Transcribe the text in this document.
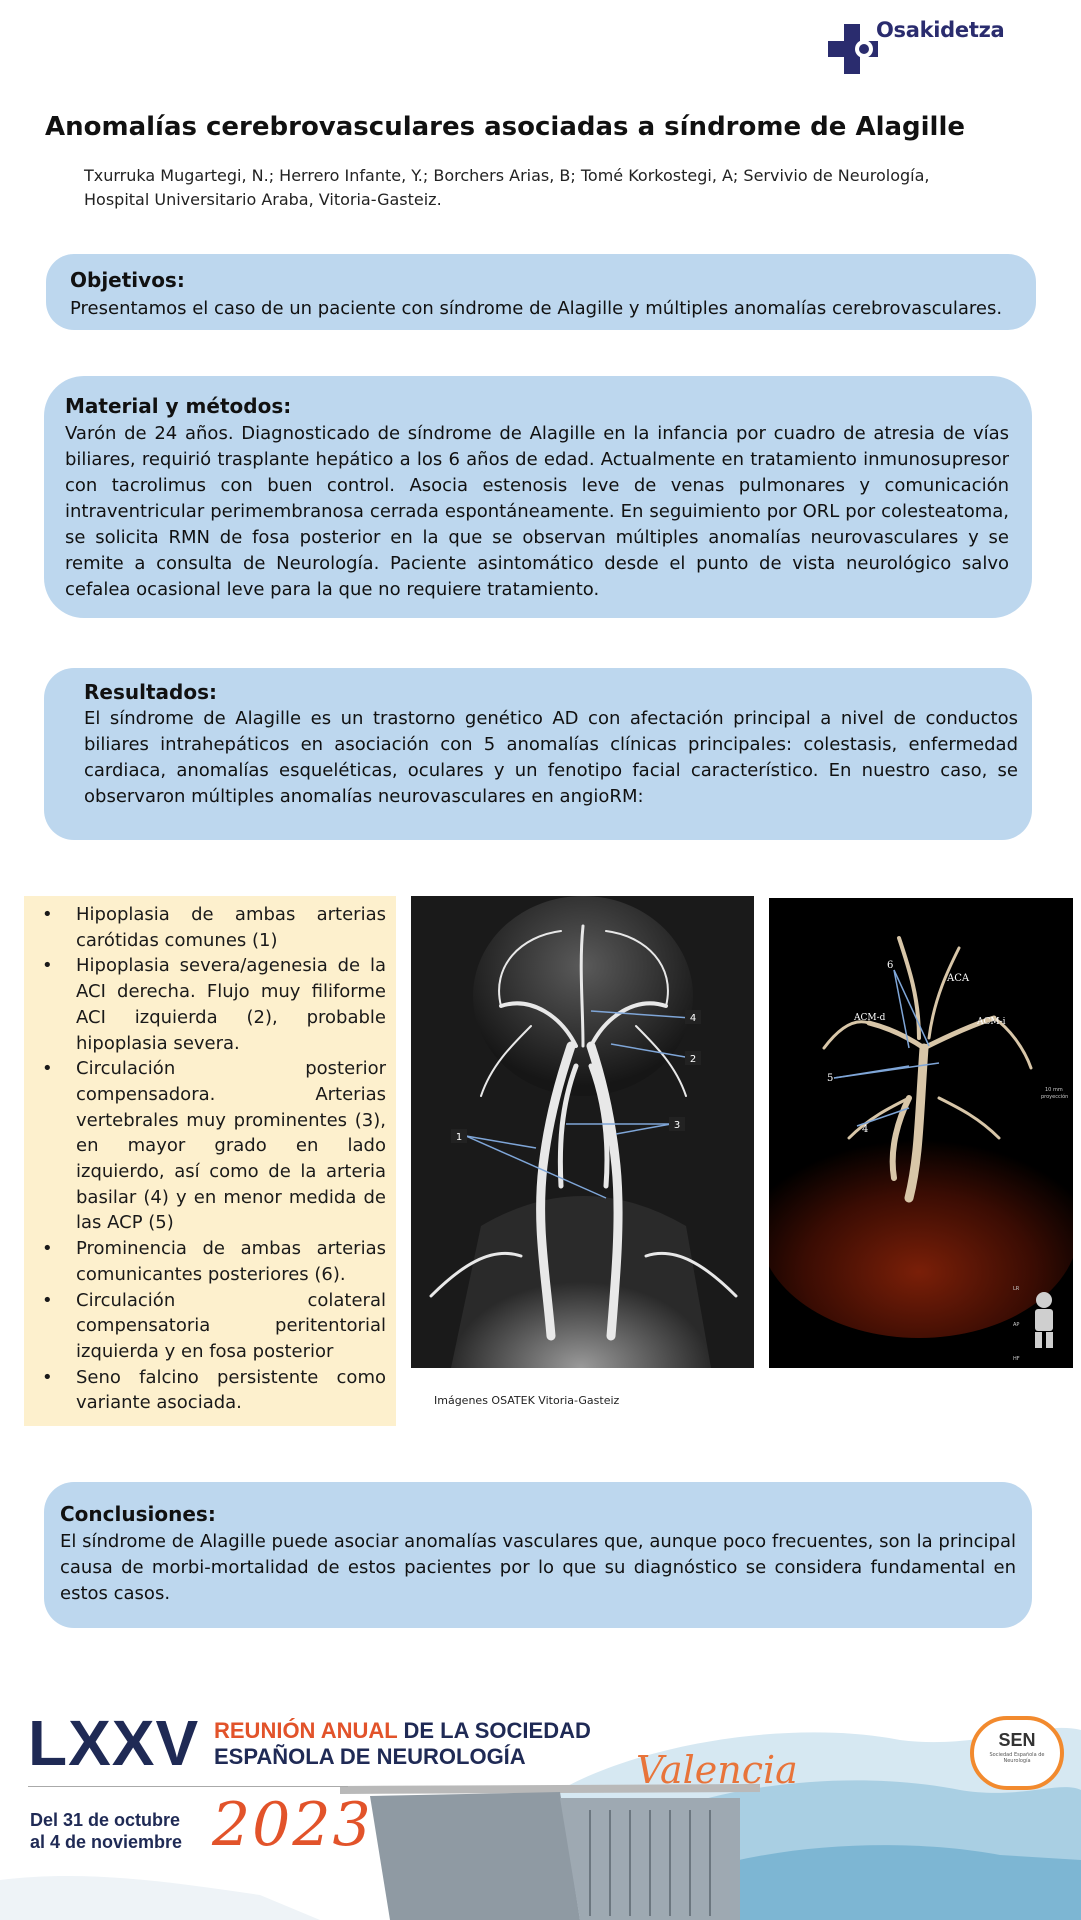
Osakidetza
Anomalías cerebrovasculares asociadas a síndrome de Alagille
Txurruka Mugartegi, N.; Herrero Infante, Y.; Borchers Arias, B; Tomé Korkostegi, A; Servivio de Neurología,
Hospital Universitario Araba, Vitoria-Gasteiz.
Objetivos:
Presentamos el caso de un paciente con síndrome de Alagille y múltiples anomalías cerebrovasculares.
Material y métodos:
Varón de 24 años. Diagnosticado de síndrome de Alagille en la infancia por cuadro de atresia de vías biliares, requirió trasplante hepático a los 6 años de edad. Actualmente en tratamiento inmunosupresor con tacrolimus con buen control. Asocia estenosis leve de venas pulmonares y comunicación intraventricular perimembranosa cerrada espontáneamente. En seguimiento por ORL por colesteatoma, se solicita RMN de fosa posterior en la que se observan múltiples anomalías neurovasculares y se remite a consulta de Neurología. Paciente asintomático desde el punto de vista neurológico salvo cefalea ocasional leve para la que no requiere tratamiento.
Resultados:
El síndrome de Alagille es un trastorno genético AD con afectación principal a nivel de conductos biliares intrahepáticos en asociación con 5 anomalías clínicas principales: colestasis, enfermedad cardiaca, anomalías esqueléticas, oculares y un fenotipo facial característico. En nuestro caso, se observaron múltiples anomalías neurovasculares en angioRM:
• Hipoplasia de ambas arterias carótidas comunes (1)
• Hipoplasia severa/agenesia de la ACI derecha. Flujo muy filiforme ACI izquierda (2), probable hipoplasia severa.
• Circulación posterior compensadora. Arterias vertebrales muy prominentes (3), en mayor grado en lado izquierdo, así como de la arteria basilar (4) y en menor medida de las ACP (5)
• Prominencia de ambas arterias comunicantes posteriores (6).
• Circulación colateral compensatoria peritentorial izquierda y en fosa posterior
• Seno falcino persistente como variante asociada.
4
2
1
3
6
ACA
ACM-d	ACM-i
5
4
10 mm
proyección
LR
AP
HF
Imágenes OSATEK Vitoria-Gasteiz
Conclusiones:
El síndrome de Alagille puede asociar anomalías vasculares que, aunque poco frecuentes, son la principal causa de morbi-mortalidad de estos pacientes por lo que su diagnóstico se considera fundamental en estos casos.
LXXV REUNIÓN ANUAL DE LA SOCIEDAD
ESPAÑOLA DE NEUROLOGÍA
Del 31 de octubre
al 4 de noviembre 2023
Valencia
SEN
Sociedad Española de Neurología
